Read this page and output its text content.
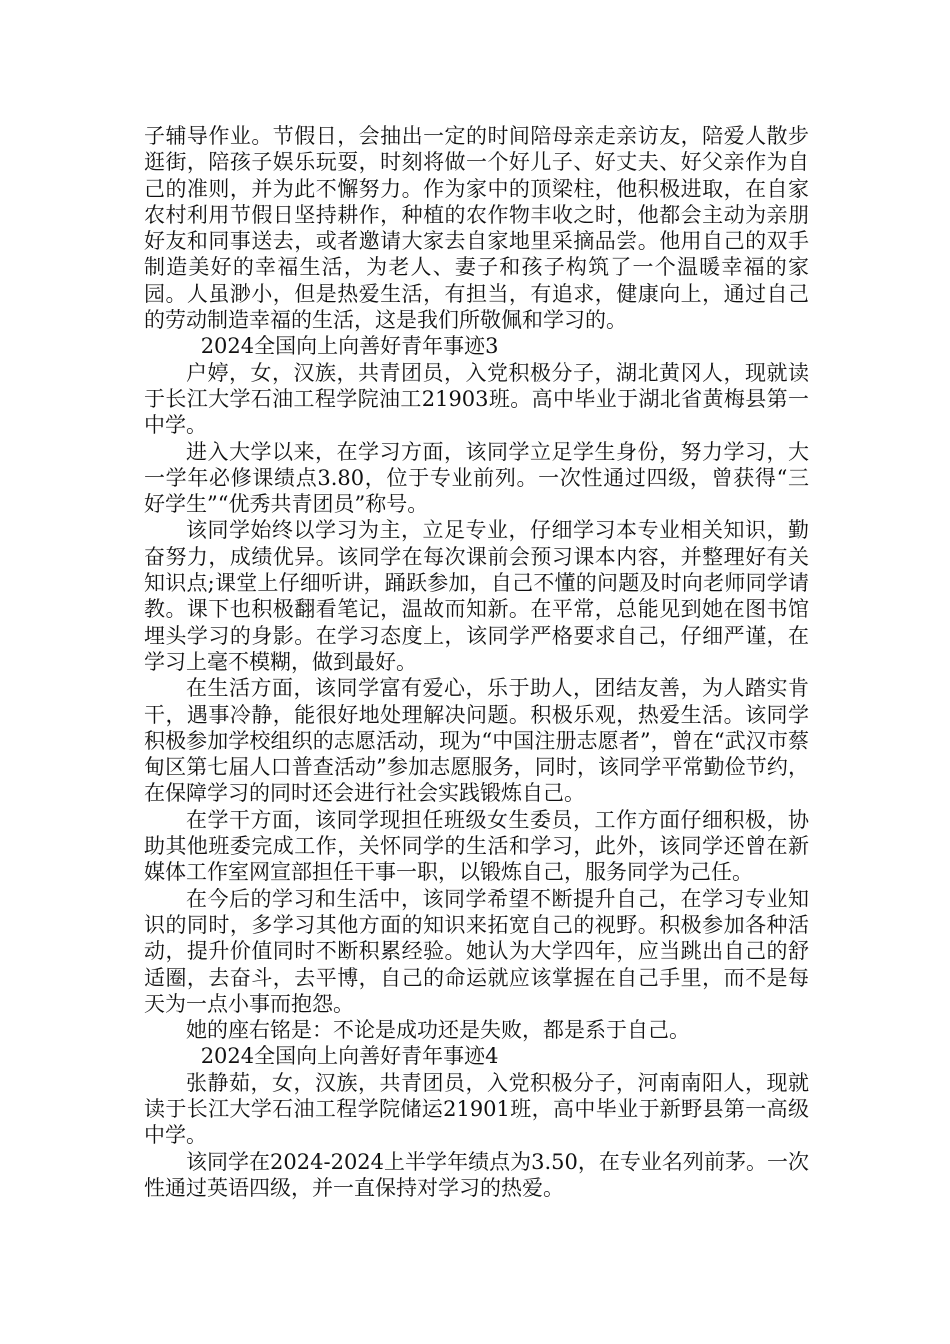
子辅导作业。节假日，会抽出一定的时间陪母亲走亲访友，陪爱人散步逛街，陪孩子娱乐玩耍，时刻将做一个好儿子、好丈夫、好父亲作为自己的准则，并为此不懈努力。作为家中的顶梁柱，他积极进取，在自家农村利用节假日坚持耕作，种植的农作物丰收之时，他都会主动为亲朋好友和同事送去，或者邀请大家去自家地里采摘品尝。他用自己的双手制造美好的幸福生活，为老人、妻子和孩子构筑了一个温暖幸福的家园。人虽渺小，但是热爱生活，有担当，有追求，健康向上，通过自己的劳动制造幸福的生活，这是我们所敬佩和学习的。

2024全国向上向善好青年事迹3

户婷，女，汉族，共青团员，入党积极分子，湖北黄冈人，现就读于长江大学石油工程学院油工21903班。高中毕业于湖北省黄梅县第一中学。

进入大学以来，在学习方面，该同学立足学生身份，努力学习，大一学年必修课绩点3.80，位于专业前列。一次性通过四级，曾获得“三好学生”“优秀共青团员”称号。

该同学始终以学习为主，立足专业，仔细学习本专业相关知识，勤奋努力，成绩优异。该同学在每次课前会预习课本内容，并整理好有关知识点;课堂上仔细听讲，踊跃参加，自己不懂的问题及时向老师同学请教。课下也积极翻看笔记，温故而知新。在平常，总能见到她在图书馆埋头学习的身影。在学习态度上，该同学严格要求自己，仔细严谨，在学习上毫不模糊，做到最好。

在生活方面，该同学富有爱心，乐于助人，团结友善，为人踏实肯干，遇事冷静，能很好地处理解决问题。积极乐观，热爱生活。该同学积极参加学校组织的志愿活动，现为“中国注册志愿者”，曾在“武汉市蔡甸区第七届人口普查活动”参加志愿服务，同时，该同学平常勤俭节约，在保障学习的同时还会进行社会实践锻炼自己。

在学干方面，该同学现担任班级女生委员，工作方面仔细积极，协助其他班委完成工作，关怀同学的生活和学习，此外，该同学还曾在新媒体工作室网宣部担任干事一职，以锻炼自己，服务同学为己任。

在今后的学习和生活中，该同学希望不断提升自己，在学习专业知识的同时，多学习其他方面的知识来拓宽自己的视野。积极参加各种活动，提升价值同时不断积累经验。她认为大学四年，应当跳出自己的舒适圈，去奋斗，去平博，自己的命运就应该掌握在自己手里，而不是每天为一点小事而抱怨。

她的座右铭是：不论是成功还是失败，都是系于自己。

2024全国向上向善好青年事迹4

张静茹，女，汉族，共青团员，入党积极分子，河南南阳人，现就读于长江大学石油工程学院储运21901班，高中毕业于新野县第一高级中学。

该同学在2024-2024上半学年绩点为3.50，在专业名列前茅。一次性通过英语四级，并一直保持对学习的热爱。
